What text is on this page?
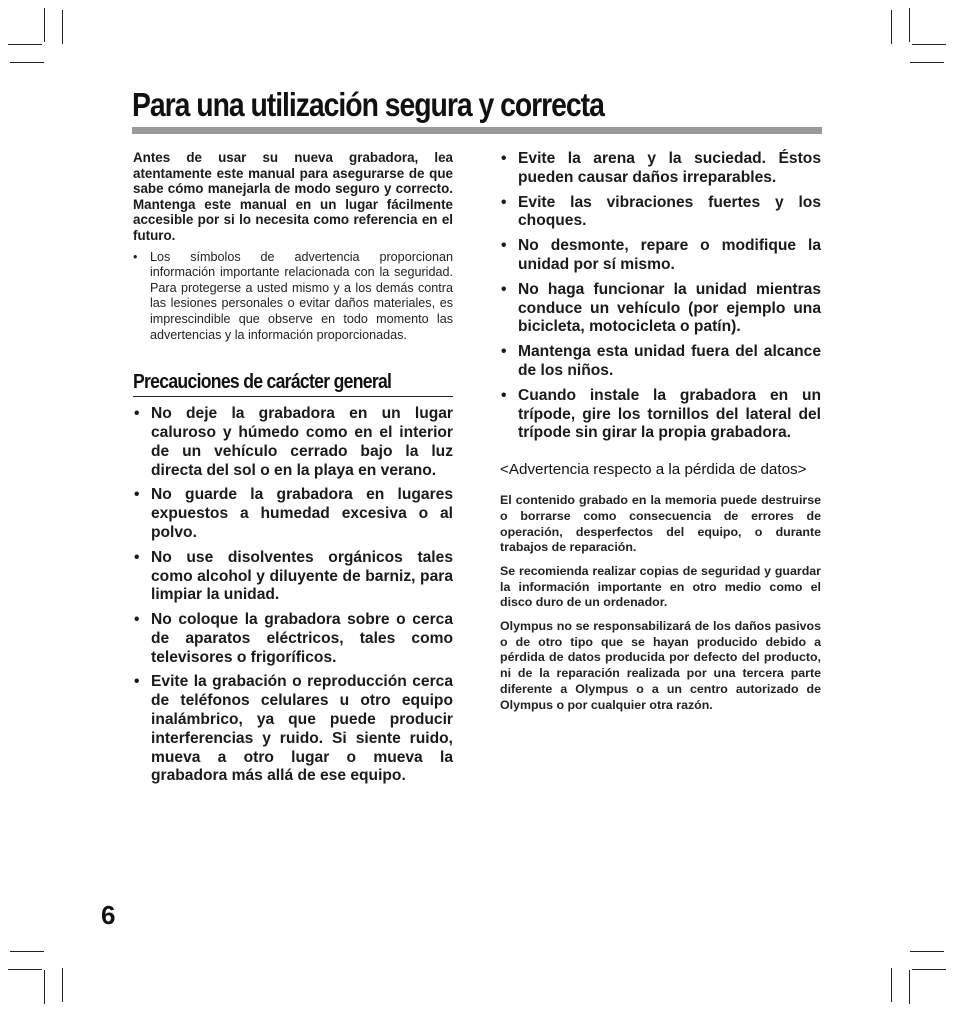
Para una utilización segura y correcta

Antes de usar su nueva grabadora, lea atentamente este manual para asegurarse de que sabe cómo manejarla de modo seguro y correcto. Mantenga este manual en un lugar fácilmente accesible por si lo necesita como referencia en el futuro.

• Los símbolos de advertencia proporcionan información importante relacionada con la seguridad. Para protegerse a usted mismo y a los demás contra las lesiones personales o evitar daños materiales, es imprescindible que observe en todo momento las advertencias y la información proporcionadas.

Precauciones de carácter general
• No deje la grabadora en un lugar caluroso y húmedo como en el interior de un vehículo cerrado bajo la luz directa del sol o en la playa en verano.
• No guarde la grabadora en lugares expuestos a humedad excesiva o al polvo.
• No use disolventes orgánicos tales como alcohol y diluyente de barniz, para limpiar la unidad.
• No coloque la grabadora sobre o cerca de aparatos eléctricos, tales como televisores o frigoríficos.
• Evite la grabación o reproducción cerca de teléfonos celulares u otro equipo inalámbrico, ya que puede producir interferencias y ruido. Si siente ruido, mueva a otro lugar o mueva la grabadora más allá de ese equipo.
• Evite la arena y la suciedad. Éstos pueden causar daños irreparables.
• Evite las vibraciones fuertes y los choques.
• No desmonte, repare o modifique la unidad por sí mismo.
• No haga funcionar la unidad mientras conduce un vehículo (por ejemplo una bicicleta, motocicleta o patín).
• Mantenga esta unidad fuera del alcance de los niños.
• Cuando instale la grabadora en un trípode, gire los tornillos del lateral del trípode sin girar la propia grabadora.
<Advertencia respecto a la pérdida de datos>

El contenido grabado en la memoria puede destruirse o borrarse como consecuencia de errores de operación, desperfectos del equipo, o durante trabajos de reparación.

Se recomienda realizar copias de seguridad y guardar la información importante en otro medio como el disco duro de un ordenador.

Olympus no se responsabilizará de los daños pasivos o de otro tipo que se hayan producido debido a pérdida de datos producida por defecto del producto, ni de la reparación realizada por una tercera parte diferente a Olympus o a un centro autorizado de Olympus o por cualquier otra razón.

6
